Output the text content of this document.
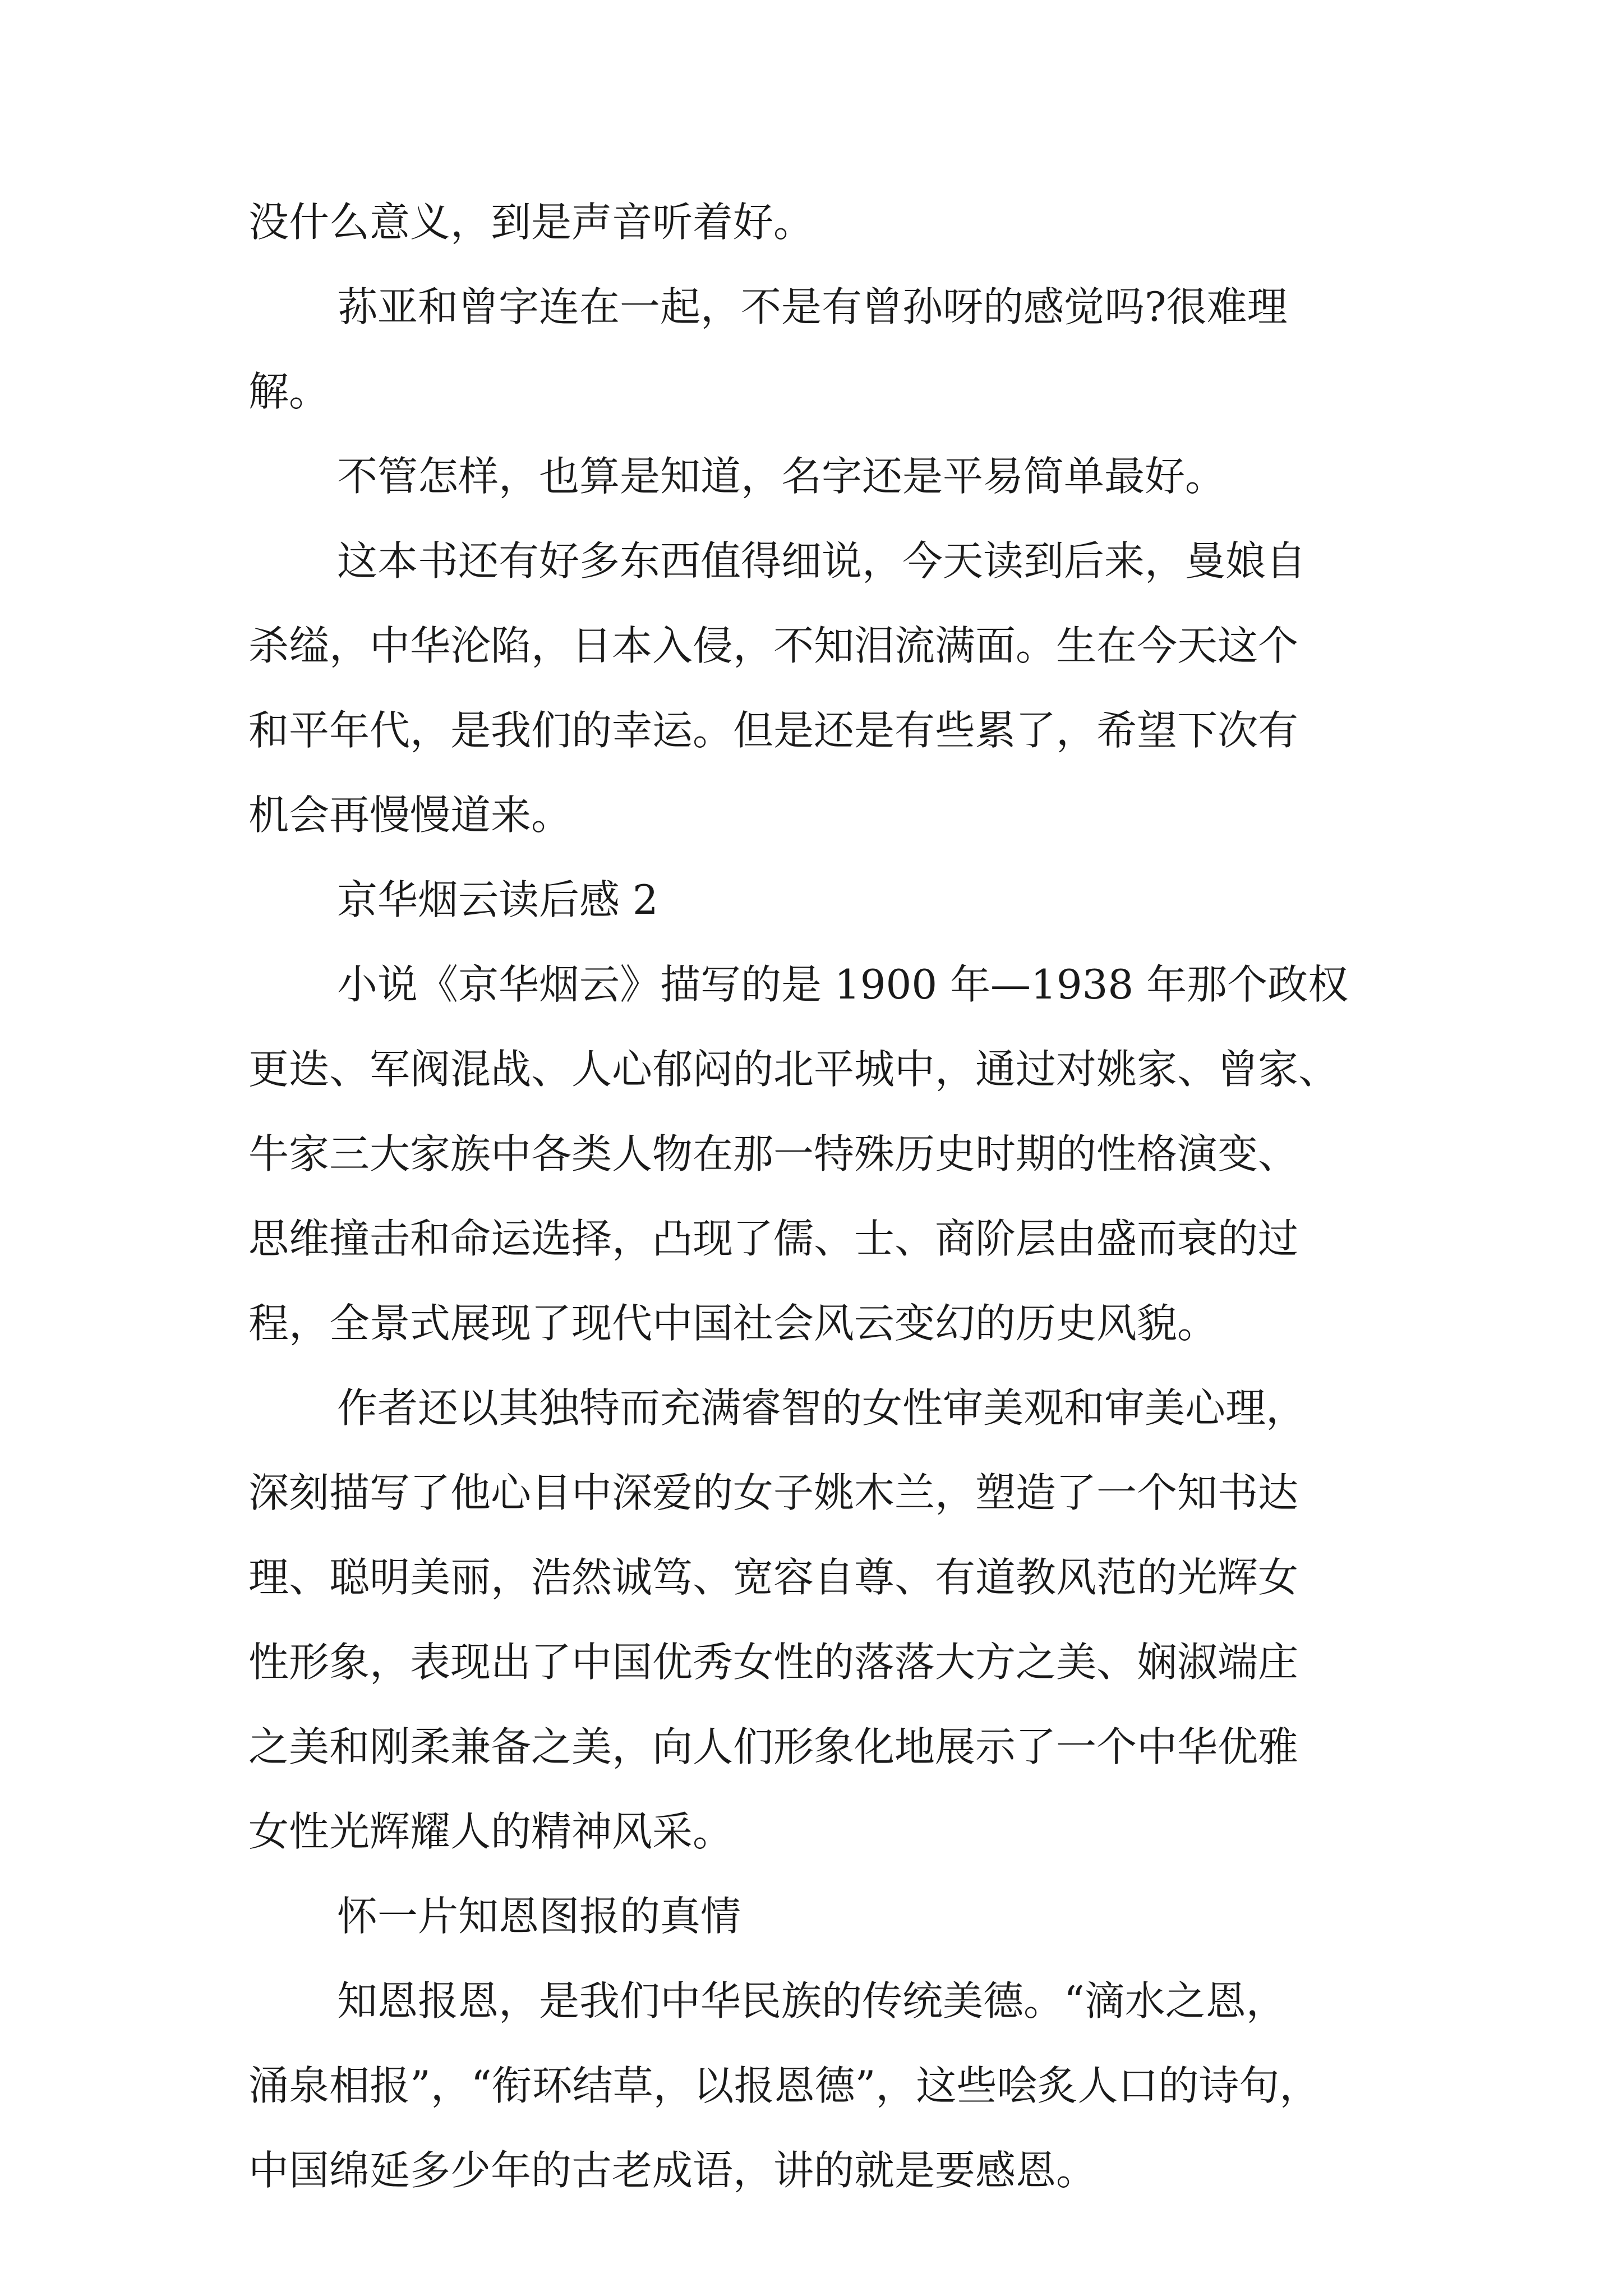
没什么意义，到是声音听着好。
荪亚和曾字连在一起，不是有曾孙呀的感觉吗?很难理
解。
不管怎样，也算是知道，名字还是平易简单最好。
这本书还有好多东西值得细说，今天读到后来，曼娘自
杀缢，中华沦陷，日本入侵，不知泪流满面。生在今天这个
和平年代，是我们的幸运。但是还是有些累了，希望下次有
机会再慢慢道来。
京华烟云读后感 2
小说《京华烟云》描写的是 1900 年—1938 年那个政权
更迭、军阀混战、人心郁闷的北平城中，通过对姚家、曾家、
牛家三大家族中各类人物在那一特殊历史时期的性格演变、
思维撞击和命运选择，凸现了儒、士、商阶层由盛而衰的过
程，全景式展现了现代中国社会风云变幻的历史风貌。
作者还以其独特而充满睿智的女性审美观和审美心理，
深刻描写了他心目中深爱的女子姚木兰，塑造了一个知书达
理、聪明美丽，浩然诚笃、宽容自尊、有道教风范的光辉女
性形象，表现出了中国优秀女性的落落大方之美、娴淑端庄
之美和刚柔兼备之美，向人们形象化地展示了一个中华优雅
女性光辉耀人的精神风采。
怀一片知恩图报的真情
知恩报恩，是我们中华民族的传统美德。“滴水之恩，
涌泉相报”，“衔环结草，以报恩德”，这些哙炙人口的诗句，
中国绵延多少年的古老成语，讲的就是要感恩。
